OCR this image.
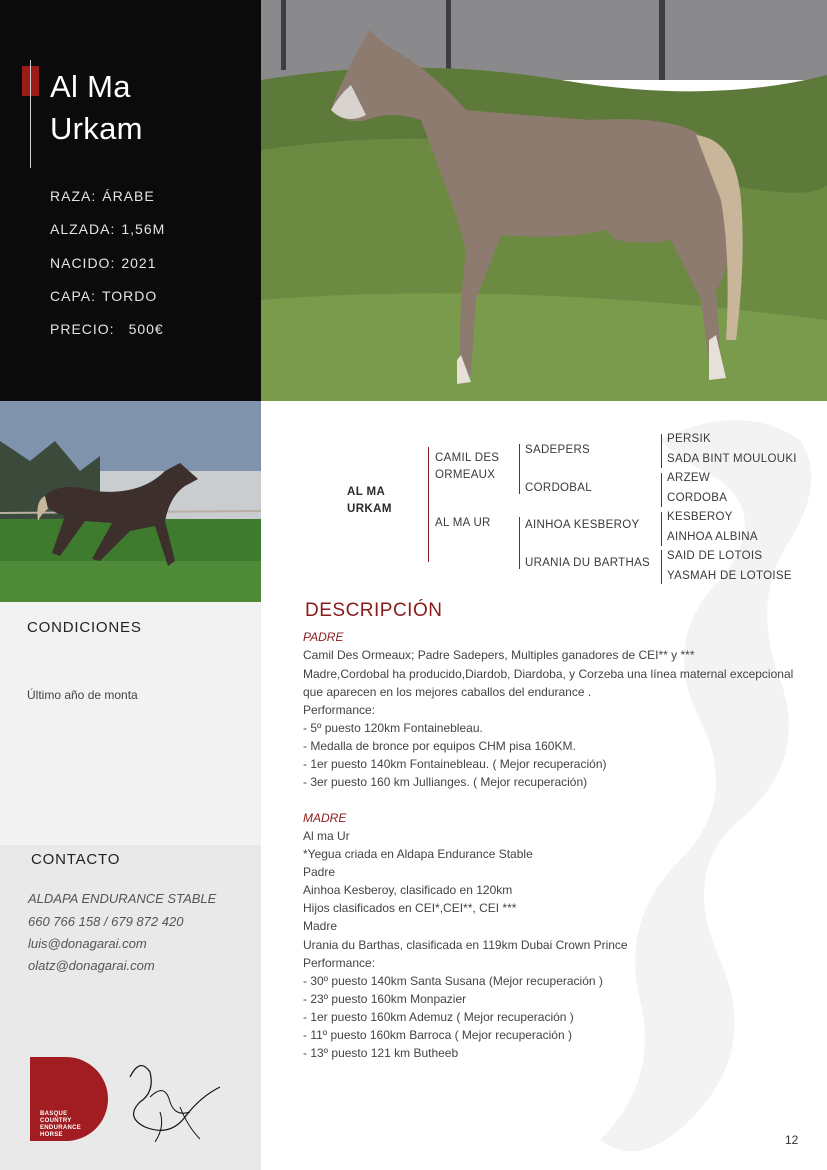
Al Ma
Urkam
RAZA: ÁRABE
ALZADA: 1,56M
NACIDO: 2021
CAPA: TORDO
PRECIO: 500€
CONDICIONES
Último año de monta
CONTACTO
ALDAPA ENDURANCE STABLE
660 766 158 / 679 872 420
luis@donagarai.com
olatz@donagarai.com
BASQUE
COUNTRY
ENDURANCE
HORSE
AL MA
URKAM
CAMIL DES ORMEAUX
AL MA UR
SADEPERS
CORDOBAL
AINHOA KESBEROY
URANIA DU BARTHAS
PERSIK
SADA BINT MOULOUKI
ARZEW
CORDOBA
KESBEROY
AINHOA ALBINA
SAID DE LOTOIS
YASMAH DE LOTOISE
DESCRIPCIÓN
PADRE
Camil Des Ormeaux; Padre Sadepers, Multiples ganadores de CEI** y ***
Madre,Cordobal ha producido,Diardob, Diardoba, y Corzeba una línea maternal excepcional
que aparecen en los mejores caballos del endurance .
Performance:
- 5º puesto 120km Fontainebleau.
- Medalla de bronce por equipos CHM pisa 160KM.
- 1er puesto 140km Fontainebleau. ( Mejor recuperación)
- 3er puesto 160 km Jullianges. ( Mejor recuperación)
MADRE
Al ma Ur
*Yegua criada en Aldapa Endurance Stable
Padre
Ainhoa Kesberoy, clasificado en 120km
Hijos clasificados en CEI*,CEI**, CEI ***
Madre
Urania du Barthas, clasificada en 119km Dubai Crown Prince
Performance:
- 30º puesto 140km Santa Susana (Mejor recuperación )
- 23º puesto 160km Monpazier
- 1er puesto 160km Ademuz ( Mejor recuperación )
- 11º puesto 160km Barroca ( Mejor recuperación )
- 13º puesto 121 km Butheeb
12
